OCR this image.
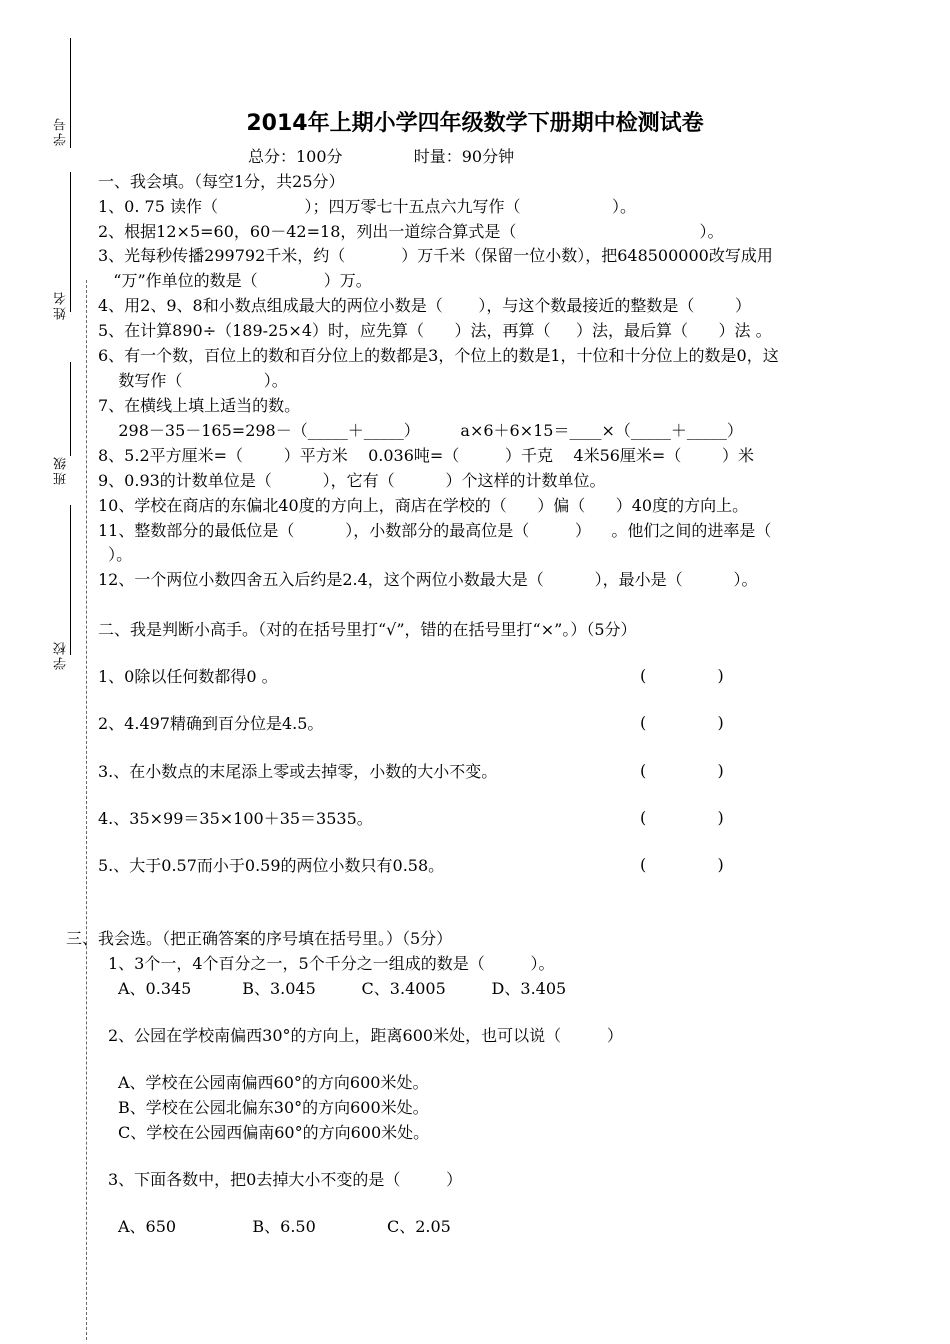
学号
姓名
班级
学校
2014年上期小学四年级数学下册期中检测试卷
总分：100分              时量：90分钟
一、我会填。（每空1分，共25分）
1、0. 75 读作（                 ）；四万零七十五点六九写作（                  ）。
2、根据12×5=60，60－42=18，列出一道综合算式是（                                    ）。
3、光每秒传播299792千米，约（           ）万千米（保留一位小数），把648500000改写成用
“万”作单位的数是（             ）万。
4、用2、9、8和小数点组成最大的两位小数是（       ），与这个数最接近的整数是（        ）
5、在计算890÷（189-25×4）时，应先算（      ）法，再算（     ）法，最后算（      ）法 。
6、有一个数，百位上的数和百分位上的数都是3，个位上的数是1，十位和十分位上的数是0，这
数写作（                ）。
7、在横线上填上适当的数。
298－35－165=298－（_____＋_____）        a×6＋6×15＝____×（_____＋_____）
8、5.2平方厘米=（        ）平方米    0.036吨=（         ）千克    4米56厘米=（        ）米
9、0.93的计数单位是（          ），它有（          ）个这样的计数单位。
10、学校在商店的东偏北40度的方向上，商店在学校的（      ）偏（      ）40度的方向上。
11、整数部分的最低位是（          ），小数部分的最高位是（         ）    。他们之间的进率是（
）。
12、一个两位小数四舍五入后约是2.4，这个两位小数最大是（          ），最小是（          ）。
二、我是判断小高手。（对的在括号里打“√”，错的在括号里打“×”。）（5分）
1、0除以任何数都得0 。	(              )
2、4.497精确到百分位是4.5。	(              )
3.、在小数点的末尾添上零或去掉零，小数的大小不变。	(              )
4.、35×99＝35×100＋35＝3535。	(              )
5.、大于0.57而小于0.59的两位小数只有0.58。	(              )
三、我会选。（把正确答案的序号填在括号里。）（5分）
1、3个一，4个百分之一，5个千分之一组成的数是（         ）。
A、0.345          B、3.045         C、3.4005         D、3.405
2、公园在学校南偏西30°的方向上，距离600米处，也可以说（         ）
A、学校在公园南偏西60°的方向600米处。
B、学校在公园北偏东30°的方向600米处。
C、学校在公园西偏南60°的方向600米处。
3、下面各数中，把0去掉大小不变的是（         ）
A、650               B、6.50              C、2.05
